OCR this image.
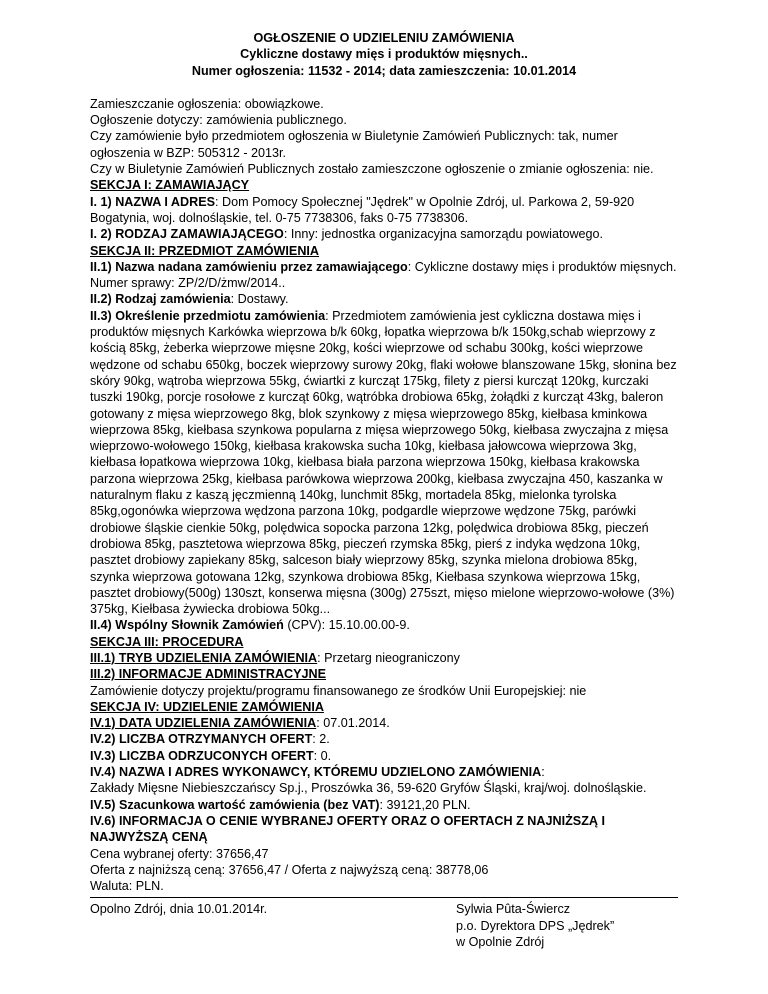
OGŁOSZENIE O UDZIELENIU ZAMÓWIENIA
Cykliczne dostawy mięs i produktów mięsnych..
Numer ogłoszenia: 11532 - 2014; data zamieszczenia: 10.01.2014

Zamieszczanie ogłoszenia: obowiązkowe.

Ogłoszenie dotyczy: zamówienia publicznego.

Czy zamówienie było przedmiotem ogłoszenia w Biuletynie Zamówień Publicznych: tak, numer ogłoszenia w BZP: 505312 - 2013r.

Czy w Biuletynie Zamówień Publicznych zostało zamieszczone ogłoszenie o zmianie ogłoszenia: nie.

SEKCJA I: ZAMAWIAJĄCY

I. 1) NAZWA I ADRES: Dom Pomocy Społecznej "Jędrek" w Opolnie Zdrój, ul. Parkowa 2, 59-920 Bogatynia, woj. dolnośląskie, tel. 0-75 7738306, faks 0-75 7738306.

I. 2) RODZAJ ZAMAWIAJĄCEGO: Inny: jednostka organizacyjna samorządu powiatowego.

SEKCJA II: PRZEDMIOT ZAMÓWIENIA

II.1) Nazwa nadana zamówieniu przez zamawiającego: Cykliczne dostawy mięs i produktów mięsnych. Numer sprawy: ZP/2/D/żmw/2014..

II.2) Rodzaj zamówienia: Dostawy.

II.3) Określenie przedmiotu zamówienia: Przedmiotem zamówienia jest cykliczna dostawa mięs i produktów mięsnych Karkówka wieprzowa b/k 60kg, łopatka wieprzowa b/k 150kg,schab wieprzowy z kością 85kg, żeberka wieprzowe mięsne 20kg, kości wieprzowe od schabu 300kg, kości wieprzowe wędzone od schabu 650kg, boczek wieprzowy surowy 20kg, flaki wołowe blanszowane 15kg, słonina bez skóry 90kg, wątroba wieprzowa 55kg, ćwiartki z kurcząt 175kg, filety z piersi kurcząt 120kg, kurczaki tuszki 190kg, porcje rosołowe z kurcząt 60kg, wątróbka drobiowa 65kg, żołądki z kurcząt 43kg, baleron gotowany z mięsa wieprzowego 8kg, blok szynkowy z mięsa wieprzowego 85kg, kiełbasa kminkowa wieprzowa 85kg, kiełbasa szynkowa popularna z mięsa wieprzowego 50kg, kiełbasa zwyczajna z mięsa wieprzowo-wołowego 150kg, kiełbasa krakowska sucha 10kg, kiełbasa jałowcowa wieprzowa 3kg, kiełbasa łopatkowa wieprzowa 10kg, kiełbasa biała parzona wieprzowa 150kg, kiełbasa krakowska parzona wieprzowa 25kg, kiełbasa parówkowa wieprzowa 200kg, kiełbasa zwyczajna 450, kaszanka w naturalnym flaku z kaszą jęczmienną 140kg, lunchmit 85kg, mortadela 85kg, mielonka tyrolska 85kg,ogonówka wieprzowa wędzona parzona 10kg, podgardle wieprzowe wędzone 75kg, parówki drobiowe śląskie cienkie 50kg, polędwica sopocka parzona 12kg, polędwica drobiowa 85kg, pieczeń drobiowa 85kg, pasztetowa wieprzowa 85kg, pieczeń rzymska 85kg, pierś z indyka wędzona 10kg, pasztet drobiowy zapiekany 85kg, salceson biały wieprzowy 85kg, szynka mielona drobiowa 85kg, szynka wieprzowa gotowana 12kg, szynkowa drobiowa 85kg, Kiełbasa szynkowa wieprzowa 15kg, pasztet drobiowy(500g) 130szt, konserwa mięsna (300g) 275szt, mięso mielone wieprzowo-wołowe (3%) 375kg, Kiełbasa żywiecka drobiowa 50kg...

II.4) Wspólny Słownik Zamówień (CPV): 15.10.00.00-9.

SEKCJA III: PROCEDURA

III.1) TRYB UDZIELENIA ZAMÓWIENIA: Przetarg nieograniczony

III.2) INFORMACJE ADMINISTRACYJNE

Zamówienie dotyczy projektu/programu finansowanego ze środków Unii Europejskiej: nie

SEKCJA IV: UDZIELENIE ZAMÓWIENIA

IV.1) DATA UDZIELENIA ZAMÓWIENIA: 07.01.2014.

IV.2) LICZBA OTRZYMANYCH OFERT: 2.

IV.3) LICZBA ODRZUCONYCH OFERT: 0.

IV.4) NAZWA I ADRES WYKONAWCY, KTÓREMU UDZIELONO ZAMÓWIENIA:

Zakłady Mięsne Niebieszczańscy Sp.j., Proszówka 36, 59-620 Gryfów Śląski, kraj/woj. dolnośląskie.

IV.5) Szacunkowa wartość zamówienia (bez VAT): 39121,20 PLN.

IV.6) INFORMACJA O CENIE WYBRANEJ OFERTY ORAZ O OFERTACH Z NAJNIŻSZĄ I NAJWYŻSZĄ CENĄ

Cena wybranej oferty: 37656,47

Oferta z najniższą ceną: 37656,47 / Oferta z najwyższą ceną: 38778,06

Waluta: PLN.

Opolno Zdrój, dnia 10.01.2014r.	Sylwia Pûta-Świercz
p.o. Dyrektora DPS „Jędrek”
w Opolnie Zdrój
